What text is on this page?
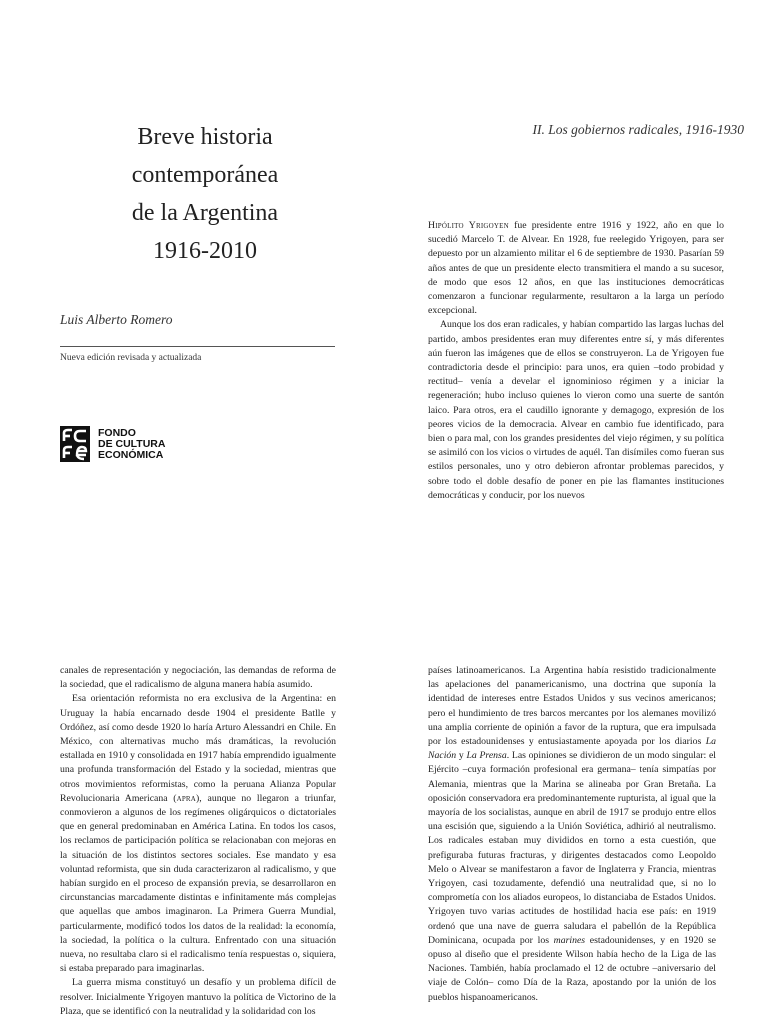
Breve historia
contemporánea
de la Argentina
1916-2010
Luis Alberto Romero
Nueva edición revisada y actualizada

FONDO
DE CULTURA
ECONÓMICA
II. Los gobiernos radicales, 1916-1930

Hipólito Yrigoyen fue presidente entre 1916 y 1922, año en que lo sucedió Marcelo T. de Alvear. En 1928, fue reelegido Yrigoyen, para ser depuesto por un alzamiento militar el 6 de septiembre de 1930. Pasarían 59 años antes de que un presidente electo transmitiera el mando a su sucesor, de modo que esos 12 años, en que las instituciones democráticas comenzaron a funcionar regularmente, resultaron a la larga un período excepcional.

Aunque los dos eran radicales, y habían compartido las largas luchas del partido, ambos presidentes eran muy diferentes entre sí, y más diferentes aún fueron las imágenes que de ellos se construyeron. La de Yrigoyen fue contradictoria desde el principio: para unos, era quien –todo probidad y rectitud– venía a develar el ignominioso régimen y a iniciar la regeneración; hubo incluso quienes lo vieron como una suerte de santón laico. Para otros, era el caudillo ignorante y demagogo, expresión de los peores vicios de la democracia. Alvear en cambio fue identificado, para bien o para mal, con los grandes presidentes del viejo régimen, y su política se asimiló con los vicios o virtudes de aquél. Tan disímiles como fueran sus estilos personales, uno y otro debieron afrontar problemas parecidos, y sobre todo el doble desafío de poner en pie las flamantes instituciones democráticas y conducir, por los nuevos

canales de representación y negociación, las demandas de reforma de la sociedad, que el radicalismo de alguna manera había asumido.

Esa orientación reformista no era exclusiva de la Argentina: en Uruguay la había encarnado desde 1904 el presidente Batlle y Ordóñez, así como desde 1920 lo haría Arturo Alessandri en Chile. En México, con alternativas mucho más dramáticas, la revolución estallada en 1910 y consolidada en 1917 había emprendido igualmente una profunda transformación del Estado y la sociedad, mientras que otros movimientos reformistas, como la peruana Alianza Popular Revolucionaria Americana (apra), aunque no llegaron a triunfar, conmovieron a algunos de los regímenes oligárquicos o dictatoriales que en general predominaban en América Latina. En todos los casos, los reclamos de participación política se relacionaban con mejoras en la situación de los distintos sectores sociales. Ese mandato y esa voluntad reformista, que sin duda caracterizaron al radicalismo, y que habían surgido en el proceso de expansión previa, se desarrollaron en circunstancias marcadamente distintas e infinitamente más complejas que aquellas que ambos imaginaron. La Primera Guerra Mundial, particularmente, modificó todos los datos de la realidad: la economía, la sociedad, la política o la cultura. Enfrentado con una situación nueva, no resultaba claro si el radicalismo tenía respuestas o, siquiera, si estaba preparado para imaginarlas.

La guerra misma constituyó un desafío y un problema difícil de resolver. Inicialmente Yrigoyen mantuvo la política de Victorino de la Plaza, que se identificó con la neutralidad y la solidaridad con los

países latinoamericanos. La Argentina había resistido tradicionalmente las apelaciones del panamericanismo, una doctrina que suponía la identidad de intereses entre Estados Unidos y sus vecinos americanos; pero el hundimiento de tres barcos mercantes por los alemanes movilizó una amplia corriente de opinión a favor de la ruptura, que era impulsada por los estadounidenses y entusiastamente apoyada por los diarios La Nación y La Prensa. Las opiniones se dividieron de un modo singular: el Ejército –cuya formación profesional era germana– tenía simpatías por Alemania, mientras que la Marina se alineaba por Gran Bretaña. La oposición conservadora era predominantemente rupturista, al igual que la mayoría de los socialistas, aunque en abril de 1917 se produjo entre ellos una escisión que, siguiendo a la Unión Soviética, adhirió al neutralismo. Los radicales estaban muy divididos en torno a esta cuestión, que prefiguraba futuras fracturas, y dirigentes destacados como Leopoldo Melo o Alvear se manifestaron a favor de Inglaterra y Francia, mientras Yrigoyen, casi tozudamente, defendió una neutralidad que, si no lo comprometía con los aliados europeos, lo distanciaba de Estados Unidos. Yrigoyen tuvo varias actitudes de hostilidad hacia ese país: en 1919 ordenó que una nave de guerra saludara el pabellón de la República Dominicana, ocupada por los marines estadounidenses, y en 1920 se opuso al diseño que el presidente Wilson había hecho de la Liga de las Naciones. También, había proclamado el 12 de octubre –aniversario del viaje de Colón– como Día de la Raza, apostando por la unión de los pueblos hispanoamericanos.
